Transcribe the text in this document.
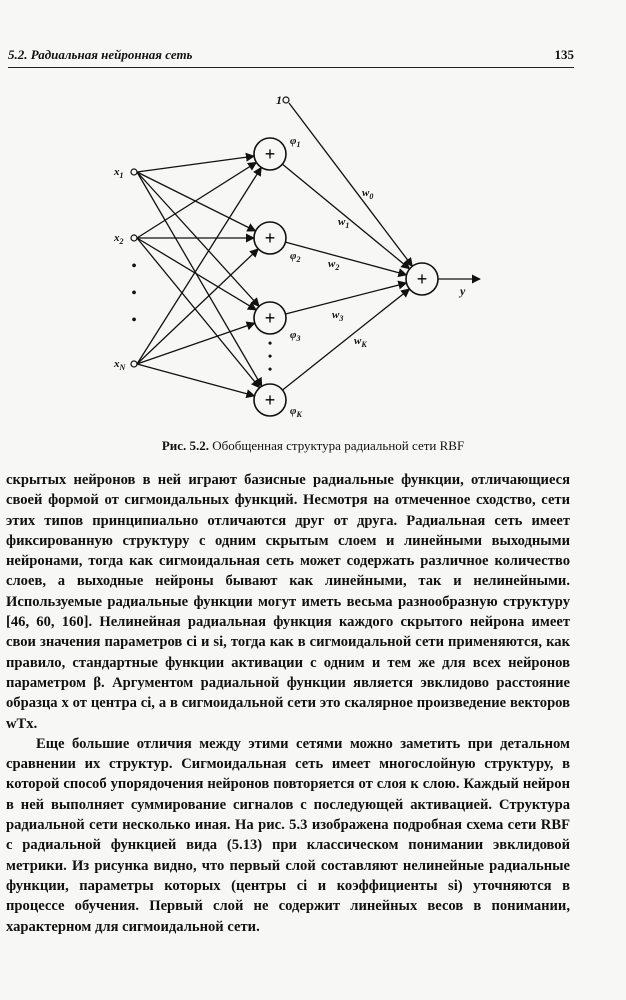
5.2. Радиальная нейронная сеть	135
+
+
+
+
+
•
•
•
•
•
•
1
$x_1$
$x_2$
$x_N$
$\varphi_1$
$\varphi_2$
$\varphi_3$
$\varphi_K$
$w_0$
$w_1$
$w_2$
$w_3$
$w_K$
y
Рис. 5.2. Обобщенная структура радиальной сети RBF

скрытых нейронов в ней играют базисные радиальные функции, отличающиеся своей формой от сигмоидальных функций. Несмотря на отмеченное сходство, сети этих типов принципиально отличаются друг от друга. Радиальная сеть имеет фиксированную структуру с одним скрытым слоем и линейными выходными нейронами, тогда как сигмоидальная сеть может содержать различное количество слоев, а выходные нейроны бывают как линейными, так и нелинейными. Используемые радиальные функции могут иметь весьма разнообразную структуру [46, 60, 160]. Нелинейная радиальная функция каждого скрытого нейрона имеет свои значения параметров ci и si, тогда как в сигмоидальной сети применяются, как правило, стандартные функции активации с одним и тем же для всех нейронов параметром β. Аргументом радиальной функции является эвклидово расстояние образца x от центра ci, а в сигмоидальной сети это скалярное произведение векторов wTx.

Еще большие отличия между этими сетями можно заметить при детальном сравнении их структур. Сигмоидальная сеть имеет многослойную структуру, в которой способ упорядочения нейронов повторяется от слоя к слою. Каждый нейрон в ней выполняет суммирование сигналов с последующей активацией. Структура радиальной сети несколько иная. На рис. 5.3 изображена подробная схема сети RBF с радиальной функцией вида (5.13) при классическом понимании эвклидовой метрики. Из рисунка видно, что первый слой составляют нелинейные радиальные функции, параметры которых (центры ci и коэффициенты si) уточняются в процессе обучения. Первый слой не содержит линейных весов в понимании, характерном для сигмоидальной сети.
